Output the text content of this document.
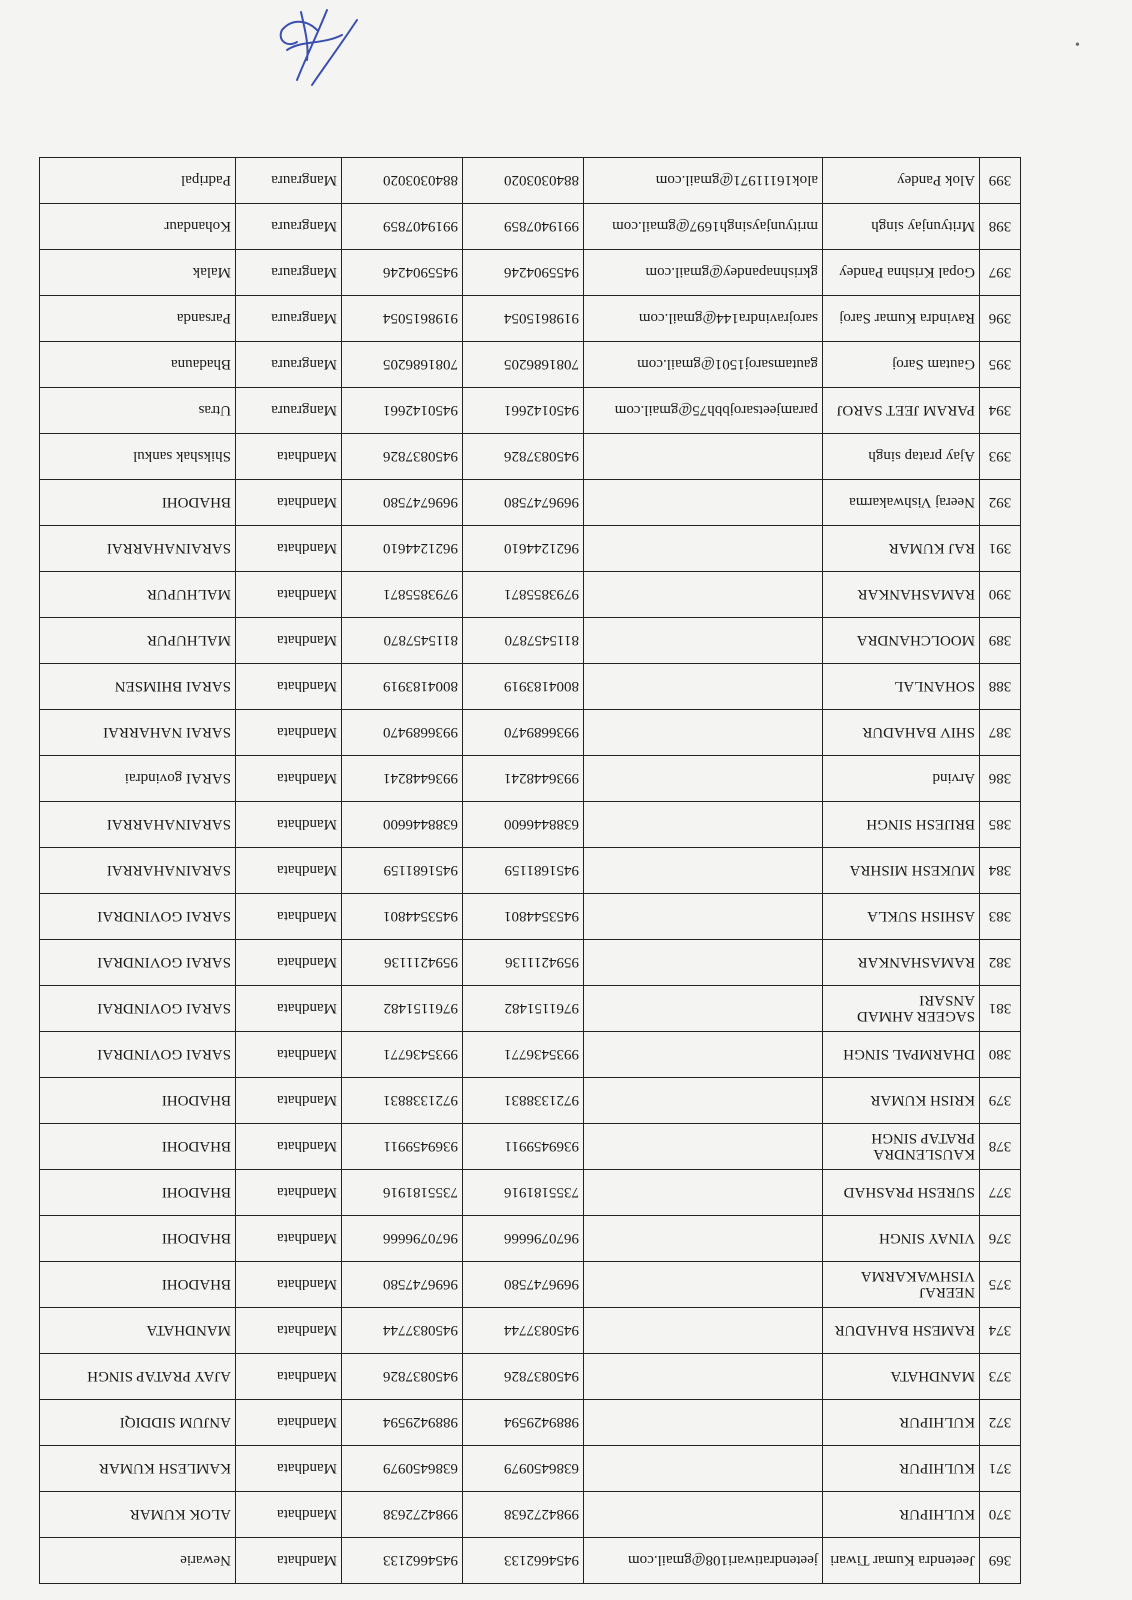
369	Jeetendra Kumar Tiwari	jeetendratiwari108@gmail.com	9454662133	9454662133	Mandhata	Newarie
370	KULHIPUR		9984272638	9984272638	Mandhata	ALOK KUMAR
371	KULHIPUR		6386450979	6386450979	Mandhata	KAMLESH KUMAR
372	KULHIPUR		9889429594	9889429594	Mandhata	ANJUM SIDDIQI
373	MANDHATA		9450837826	9450837826	Mandhata	AJAY PRATAP SINGH
374	RAMESH BAHADUR		9450837744	9450837744	Mandhata	MANDHATA
375	NEERAJ VISHWAKARMA		9696747580	9696747580	Mandhata	BHADOHI
376	VINAY SINGH		9670796666	9670796666	Mandhata	BHADOHI
377	SURESH PRASHAD		7355181916	7355181916	Mandhata	BHADOHI
378	KAUSLENDRA PRATAP SINGH		9369459911	9369459911	Mandhata	BHADOHI
379	KRISH KUMAR		9721338831	9721338831	Mandhata	BHADOHI
380	DHARMPAL SINGH		9935436771	9935436771	Mandhata	SARAI GOVINDRAI
381	SAGEER AHMAD ANSARI		9761151482	9761151482	Mandhata	SARAI GOVINDRAI
382	RAMASHANKAR		9594211136	9594211136	Mandhata	SARAI GOVINDRAI
383	ASHISH SUKLA		9453544801	9453544801	Mandhata	SARAI GOVINDRAI
384	MUKESH MISHRA		9451681159	9451681159	Mandhata	SARAINAHARRAI
385	BRIJESH SINGH		6388446600	6388446600	Mandhata	SARAINAHARRAI
386	Arvind		9936448241	9936448241	Mandhata	SARAI govindrai
387	SHIV BAHADUR		9936689470	9936689470	Mandhata	SARAI NAHARRAI
388	SOHANLAL		8004183919	8004183919	Mandhata	SARAI BHIMSEN
389	MOOLCHANDRA		8115457870	8115457870	Mandhata	MALHUPUR
390	RAMASHANKAR		9793855871	9793855871	Mandhata	MALHUPUR
391	RAJ KUMAR		9621244610	9621244610	Mandhata	SARAINAHARRAI
392	Neeraj Vishwakarma		9696747580	9696747580	Mandhata	BHADOHI
393	Ajay pratap singh		9450837826	9450837826	Mandhata	Shikshak sankul
394	PARAM JEET SAROJ	paramjeetsarojbbh75@gmail.com	9450142661	9450142661	Mangraura	Utras
395	Gautam Saroj	gautamsaroj1501@gmail.com	7081686205	7081686205	Mangraura	Bhadauna
396	Ravindra Kumar Saroj	sarojravindra144@gmail.com	9198615054	9198615054	Mangraura	Parsanda
397	Gopal Krishna Pandey	gkrishnapandey@gmail.com	9455904246	9455904246	Mangraura	Malak
398	Mrityunjay singh	mrityunjaysingh1697@gmail.com	9919407859	9919407859	Mangraura	Kohandaur
399	Alok Pandey	alok16111971@gmail.com	8840303020	8840303020	Mangraura	Padripal
•
